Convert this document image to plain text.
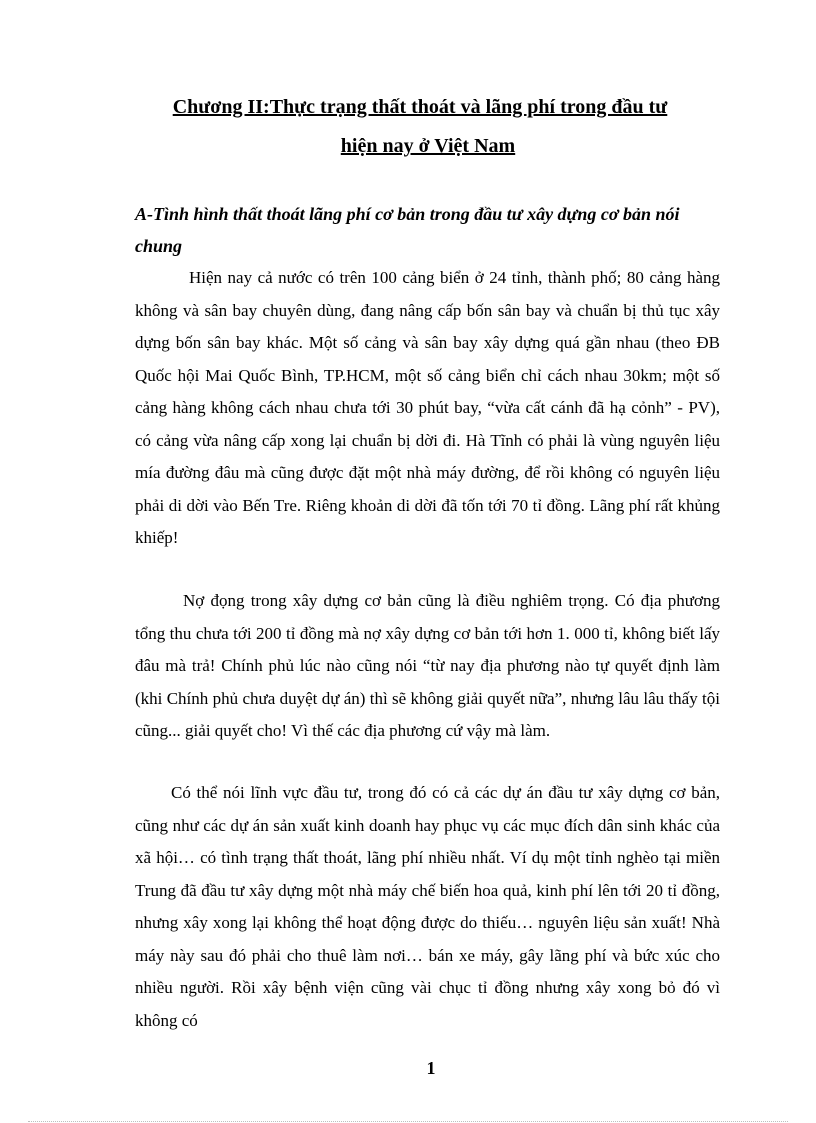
Chương II:Thực trạng thất thoát và lãng phí trong đầu tư
hiện nay ở Việt Nam
A-Tình hình thất thoát lãng phí cơ bản trong đầu tư xây dựng cơ bản nói chung
Hiện nay cả nước có trên 100 cảng biển ở 24 tỉnh, thành phố; 80 cảng hàng không và sân bay chuyên dùng, đang nâng cấp bốn sân bay và chuẩn bị thủ tục xây dựng bốn sân bay khác. Một số cảng và sân bay xây dựng quá gần nhau (theo ĐB Quốc hội Mai Quốc Bình, TP.HCM, một số cảng biển chỉ cách nhau 30km; một số cảng hàng không cách nhau chưa tới 30 phút bay, “vừa cất cánh đã hạ cỏnh” - PV), có cảng vừa nâng cấp xong lại chuẩn bị dời đi. Hà Tĩnh có phải là vùng nguyên liệu mía đường đâu mà cũng được đặt một nhà máy đường, để rồi không có nguyên liệu phải di dời vào Bến Tre. Riêng khoản di dời đã tốn tới 70 tỉ đồng. Lãng phí rất khủng khiếp!
Nợ đọng trong xây dựng cơ bản cũng là điều nghiêm trọng. Có địa phương tổng thu chưa tới 200 tỉ đồng mà nợ xây dựng cơ bản tới hơn 1. 000 tỉ, không biết lấy đâu mà trả! Chính phủ lúc nào cũng nói “từ nay địa phương nào tự quyết định làm (khi Chính phủ chưa duyệt dự án) thì sẽ không giải quyết nữa”, nhưng lâu lâu thấy tội cũng... giải quyết cho! Vì thế các địa phương cứ vậy mà làm.
Có thể nói lĩnh vực đầu tư, trong đó có cả các dự án đầu tư xây dựng cơ bản, cũng như các dự án sản xuất kinh doanh hay phục vụ các mục đích dân sinh khác của xã hội… có tình trạng thất thoát, lãng phí nhiều nhất. Ví dụ một tỉnh nghèo tại miền Trung đã đầu tư xây dựng một nhà máy chế biến hoa quả, kinh phí lên tới 20 tỉ đồng, nhưng xây xong lại không thể hoạt động được do thiếu… nguyên liệu sản xuất! Nhà máy này sau đó phải cho thuê làm nơi… bán xe máy, gây lãng phí và bức xúc cho nhiều người. Rồi xây bệnh viện cũng vài chục tỉ đồng nhưng xây xong bỏ đó vì không có
1
